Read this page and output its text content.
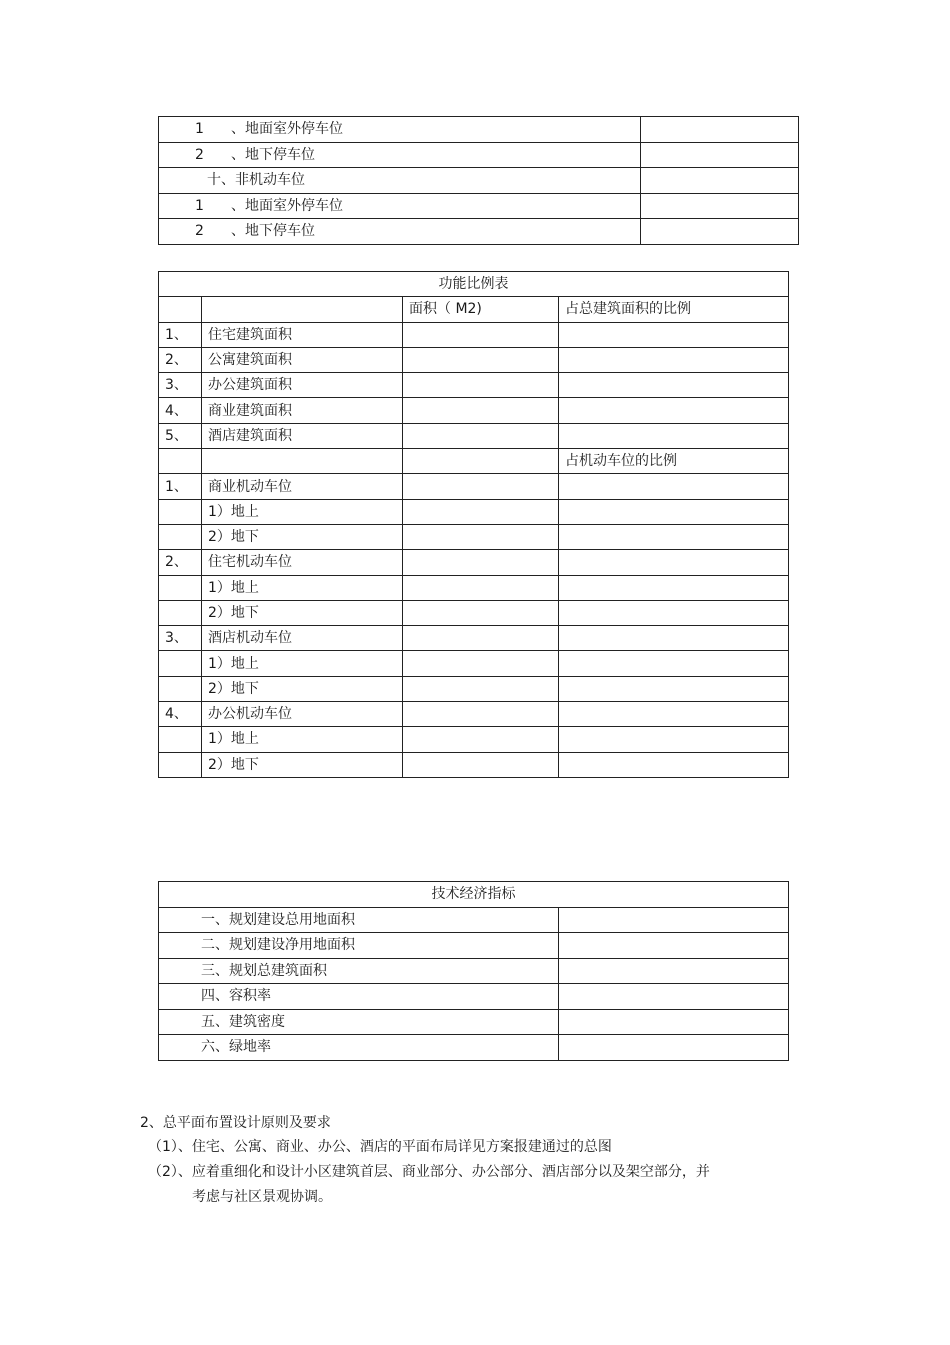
1 、地面室外停车位	
2 、地下停车位	
十、非机动车位	
1 、地面室外停车位	
2 、地下停车位	
功能比例表			
		面积（ M2)	占总建筑面积的比例
1、	住宅建筑面积		
2、	公寓建筑面积		
3、	办公建筑面积		
4、	商业建筑面积		
5、	酒店建筑面积		
			占机动车位的比例
1、	商业机动车位		
	1）地上		
	2）地下		
2、	住宅机动车位		
	1）地上		
	2）地下		
3、	酒店机动车位		
	1）地上		
	2）地下		
4、	办公机动车位		
	1）地上		
	2）地下		
技术经济指标	
一、规划建设总用地面积	
二、规划建设净用地面积	
三、规划总建筑面积	
四、容积率	
五、建筑密度	
六、绿地率	
2、总平面布置设计原则及要求
（1）、住宅、公寓、商业、办公、酒店的平面布局详见方案报建通过的总图
（2）、应着重细化和设计小区建筑首层、商业部分、办公部分、酒店部分以及架空部分，并
考虑与社区景观协调。
